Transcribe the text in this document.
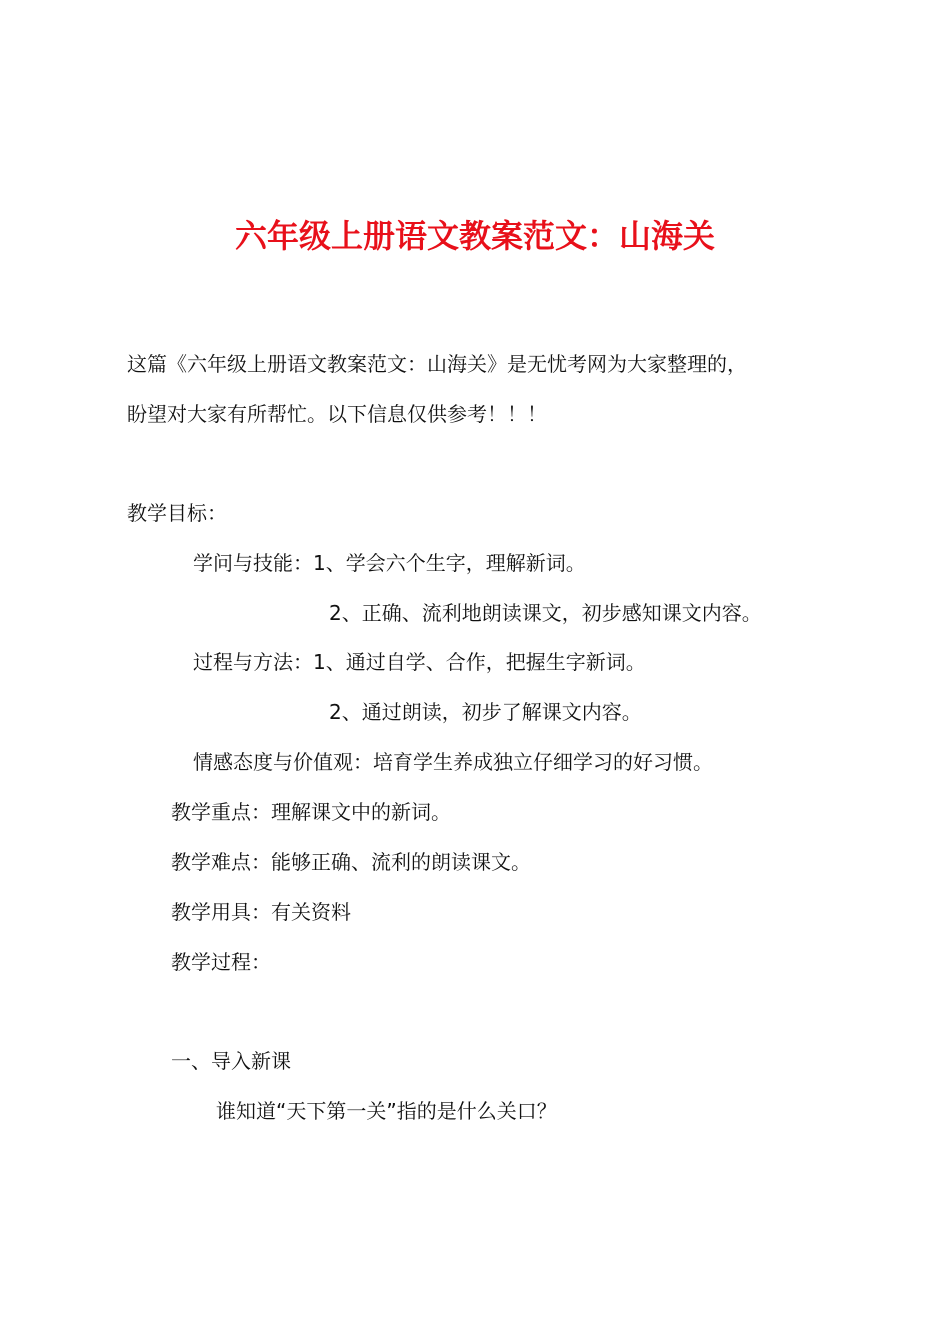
六年级上册语文教案范文：山海关
这篇《六年级上册语文教案范文：山海关》是无忧考网为大家整理的，
盼望对大家有所帮忙。以下信息仅供参考！！！
教学目标：
学问与技能：1、学会六个生字，理解新词。
2、正确、流利地朗读课文，初步感知课文内容。
过程与方法：1、通过自学、合作，把握生字新词。
2、通过朗读，初步了解课文内容。
情感态度与价值观：培育学生养成独立仔细学习的好习惯。
教学重点：理解课文中的新词。
教学难点：能够正确、流利的朗读课文。
教学用具：有关资料
教学过程：
一、导入新课
谁知道“天下第一关”指的是什么关口？
